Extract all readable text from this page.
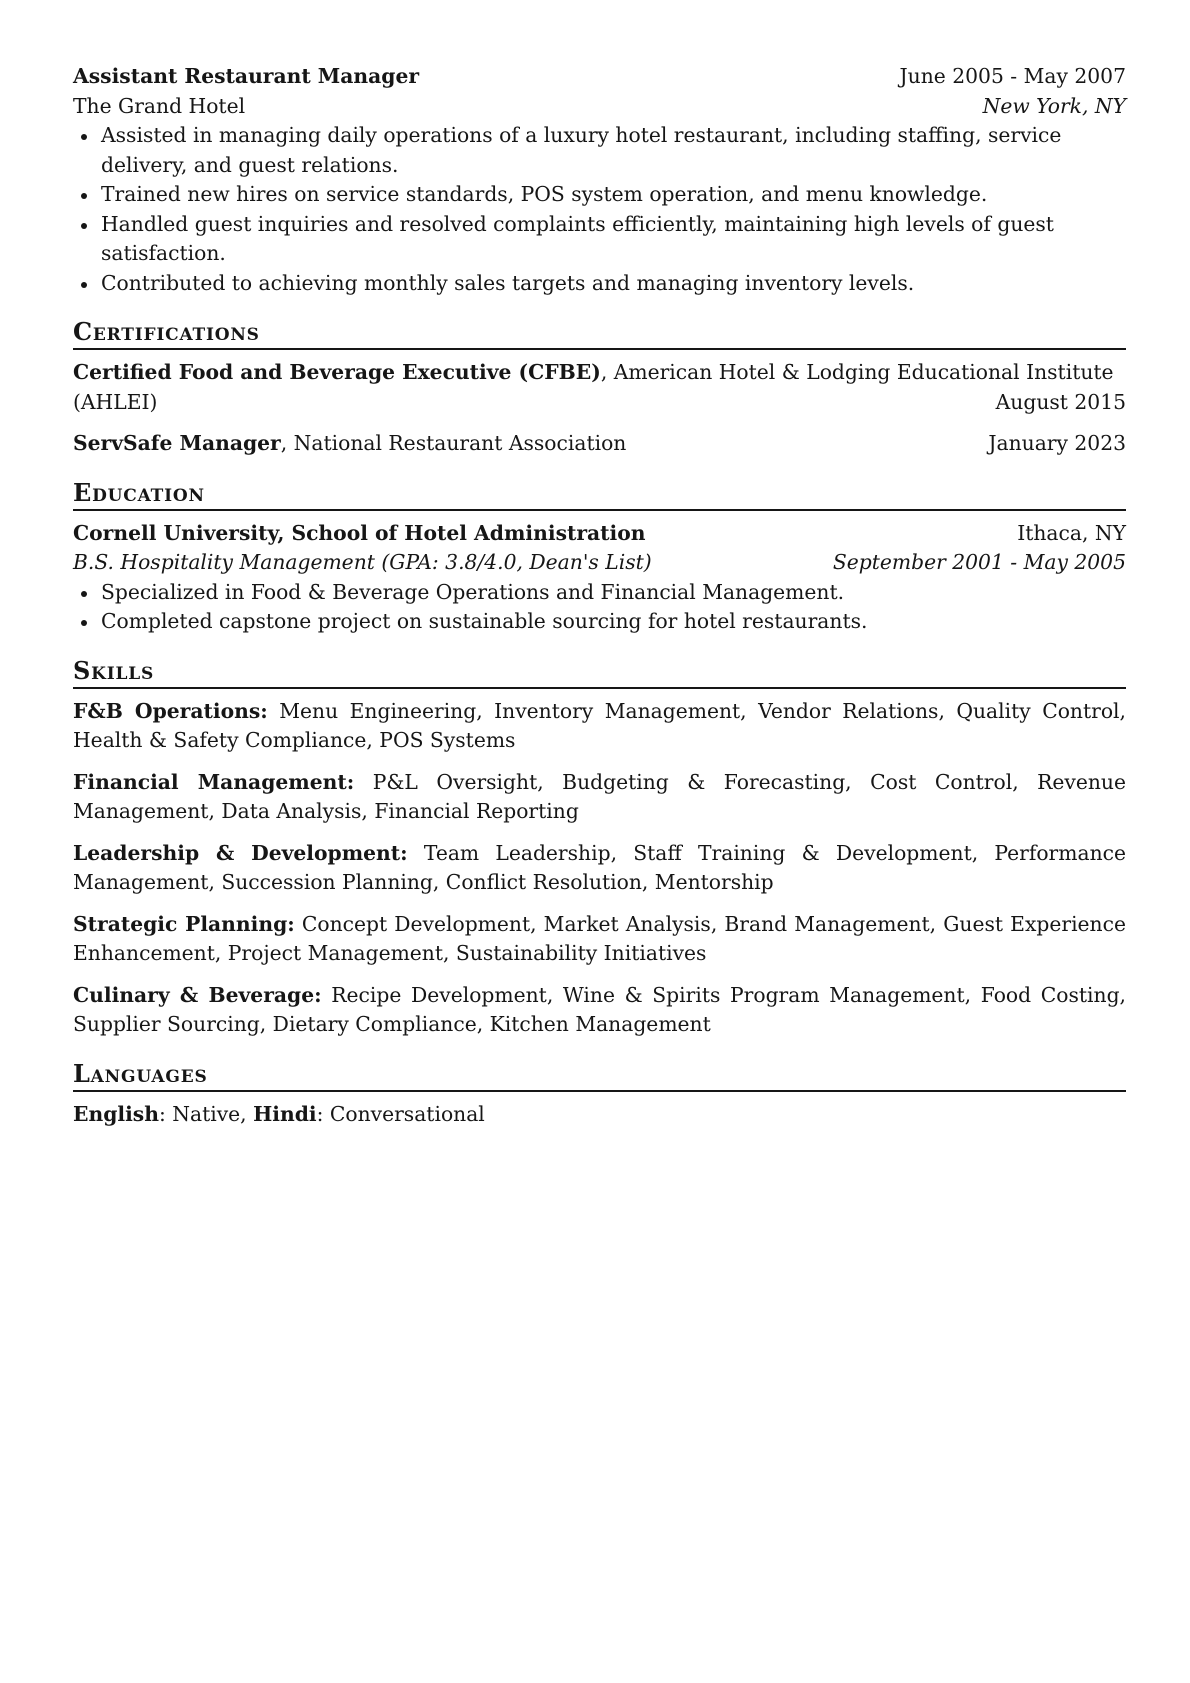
Assistant Restaurant Manager	June 2005 - May 2007
The Grand Hotel	New York, NY
Assisted in managing daily operations of a luxury hotel restaurant, including staffing, service delivery, and guest relations.
Trained new hires on service standards, POS system operation, and menu knowledge.
Handled guest inquiries and resolved complaints efficiently, maintaining high levels of guest satisfaction.
Contributed to achieving monthly sales targets and managing inventory levels.
Certifications
Certified Food and Beverage Executive (CFBE), American Hotel & Lodging Educational Institute
(AHLEI)	August 2015
ServSafe Manager, National Restaurant Association	January 2023
Education
Cornell University, School of Hotel Administration	Ithaca, NY
B.S. Hospitality Management (GPA: 3.8/4.0, Dean's List)	September 2001 - May 2005
Specialized in Food & Beverage Operations and Financial Management.
Completed capstone project on sustainable sourcing for hotel restaurants.
Skills
F&B Operations: Menu Engineering, Inventory Management, Vendor Relations, Quality Control, Health & Safety Compliance, POS Systems
Financial Management: P&L Oversight, Budgeting & Forecasting, Cost Control, Revenue Management, Data Analysis, Financial Reporting
Leadership & Development: Team Leadership, Staff Training & Development, Performance Management, Succession Planning, Conflict Resolution, Mentorship
Strategic Planning: Concept Development, Market Analysis, Brand Management, Guest Experience Enhancement, Project Management, Sustainability Initiatives
Culinary & Beverage: Recipe Development, Wine & Spirits Program Management, Food Costing, Supplier Sourcing, Dietary Compliance, Kitchen Management
Languages
English: Native, Hindi: Conversational
